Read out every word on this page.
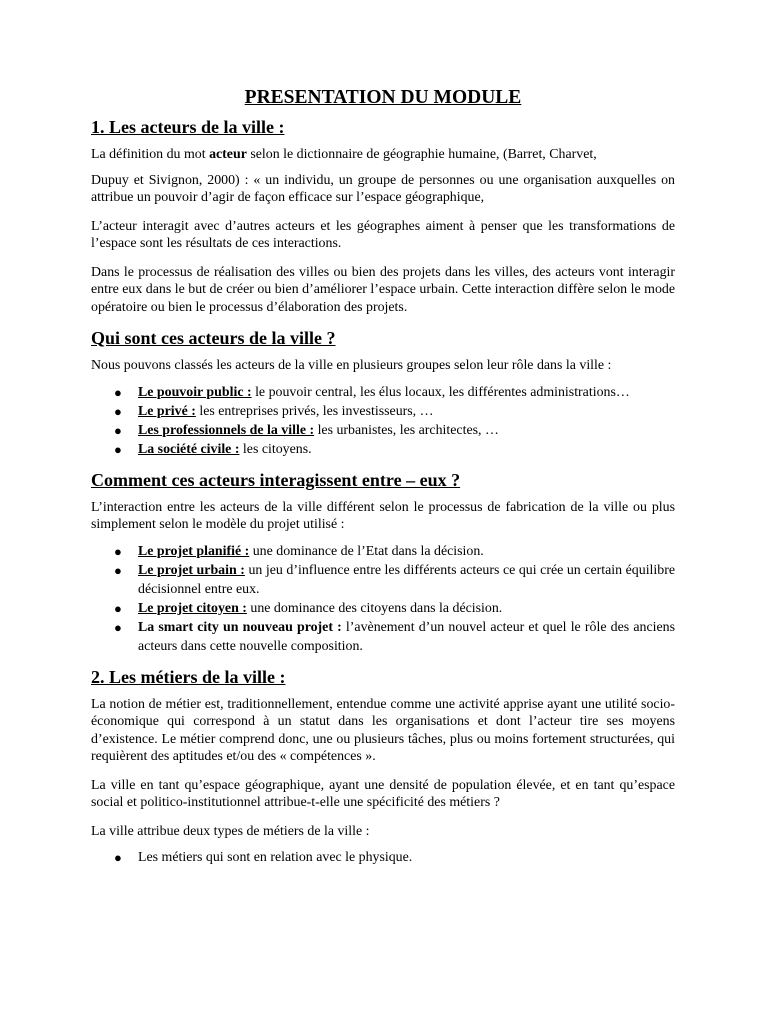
PRESENTATION DU MODULE
1. Les acteurs de la ville :

La définition du mot acteur selon le dictionnaire de géographie humaine, (Barret, Charvet,

Dupuy et Sivignon, 2000) : « un individu, un groupe de personnes ou une organisation auxquelles on attribue un pouvoir d’agir de façon efficace sur l’espace géographique,

L’acteur interagit avec d’autres acteurs et les géographes aiment à penser que les transformations de l’espace sont les résultats de ces interactions.

Dans le processus de réalisation des villes ou bien des projets dans les villes, des acteurs vont interagir entre eux dans le but de créer ou bien d’améliorer l’espace urbain. Cette interaction diffère selon le mode opératoire ou bien le processus d’élaboration des projets.

Qui sont ces acteurs de la ville ?

Nous pouvons classés les acteurs de la ville en plusieurs groupes selon leur rôle dans la ville :

● Le pouvoir public : le pouvoir central, les élus locaux, les différentes administrations…
● Le privé : les entreprises privés, les investisseurs, …
● Les professionnels de la ville : les urbanistes, les architectes, …
● La société civile : les citoyens.
Comment ces acteurs interagissent entre – eux ?

L’interaction entre les acteurs de la ville différent selon le processus de fabrication de la ville ou plus simplement selon le modèle du projet utilisé :

● Le projet planifié : une dominance de l’Etat dans la décision.
● Le projet urbain : un jeu d’influence entre les différents acteurs ce qui crée un certain équilibre décisionnel entre eux.
● Le projet citoyen : une dominance des citoyens dans la décision.
● La smart city un nouveau projet : l’avènement d’un nouvel acteur et quel le rôle des anciens acteurs dans cette nouvelle composition.
2. Les métiers de la ville :

La notion de métier est, traditionnellement, entendue comme une activité apprise ayant une utilité socio-économique qui correspond à un statut dans les organisations et dont l’acteur tire ses moyens d’existence. Le métier comprend donc, une ou plusieurs tâches, plus ou moins fortement structurées, qui requièrent des aptitudes et/ou des « compétences ».

La ville en tant qu’espace géographique, ayant une densité de population élevée, et en tant qu’espace social et politico-institutionnel attribue-t-elle une spécificité des métiers ?

La ville attribue deux types de métiers de la ville :

● Les métiers qui sont en relation avec le physique.
